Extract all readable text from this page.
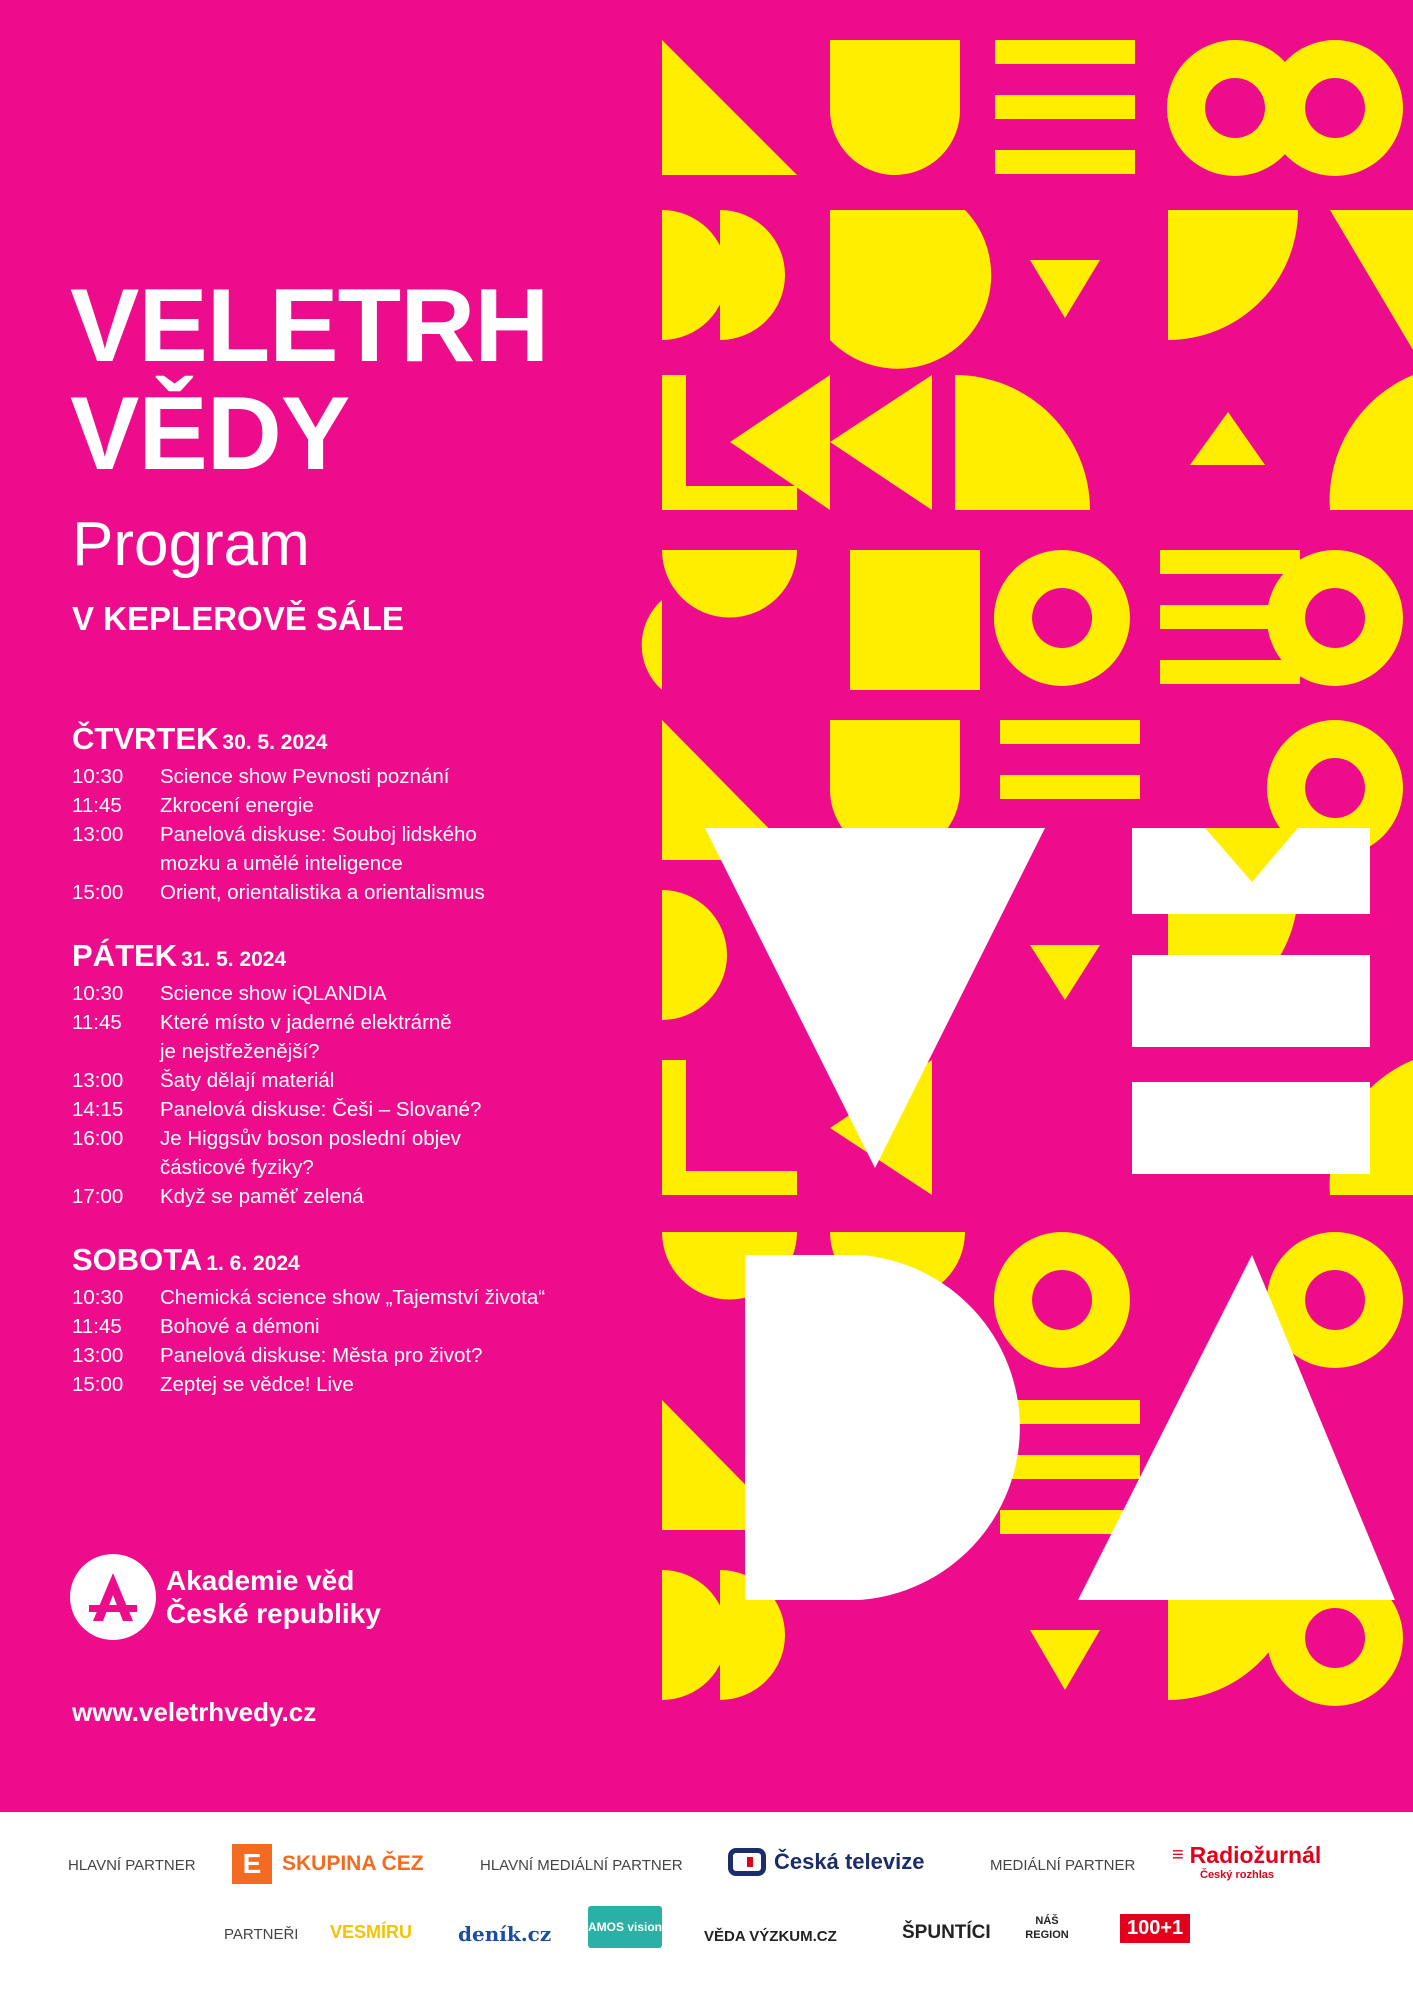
VELETRH
VĚDY
Program
V KEPLEROVĚ SÁLE
ČTVRTEK 30. 5. 2024
10:30	Science show Pevnosti poznání
11:45	Zkrocení energie
13:00	Panelová diskuse: Souboj lidského
mozku a umělé inteligence
15:00	Orient, orientalistika a orientalismus
PÁTEK 31. 5. 2024
10:30	Science show iQLANDIA
11:45	Které místo v jaderné elektrárně
je nejstřeženější?
13:00	Šaty dělají materiál
14:15	Panelová diskuse: Češi – Slované?
16:00	Je Higgsův boson poslední objev
částicové fyziky?
17:00	Když se paměť zelená
SOBOTA 1. 6. 2024
10:30	Chemická science show „Tajemství života“
11:45	Bohové a démoni
13:00	Panelová diskuse: Města pro život?
15:00	Zeptej se vědce! Live
Akademie věd
České republiky
www.veletrhvedy.cz
HLAVNÍ PARTNER	E SKUPINA ČEZ	HLAVNÍ MEDIÁLNÍ PARTNER	Česká televize	MEDIÁLNÍ PARTNER ≡ Radiožurnál
Český rozhlas
PARTNEŘI VESMÍRU deník.cz	AMOS vision
VĚDA VÝZKUM.CZ	ŠPUNTÍCI
NÁŠ REGION	100+1
